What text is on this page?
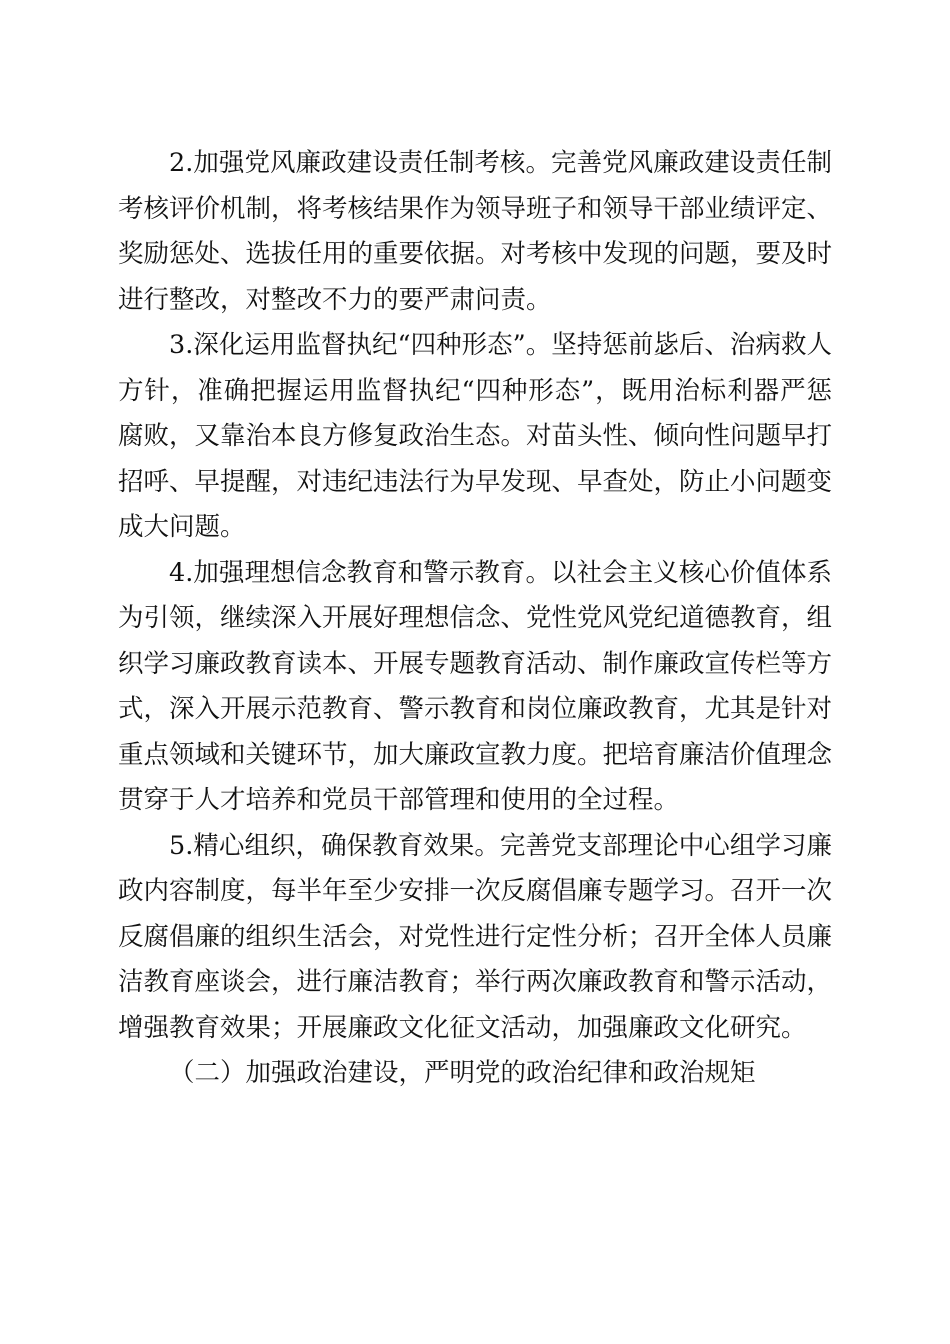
2.加强党风廉政建设责任制考核。完善党风廉政建设责任制考核评价机制，将考核结果作为领导班子和领导干部业绩评定、奖励惩处、选拔任用的重要依据。对考核中发现的问题，要及时进行整改，对整改不力的要严肃问责。

3.深化运用监督执纪“四种形态”。坚持惩前毖后、治病救人方针，准确把握运用监督执纪“四种形态”，既用治标利器严惩腐败，又靠治本良方修复政治生态。对苗头性、倾向性问题早打招呼、早提醒，对违纪违法行为早发现、早查处，防止小问题变成大问题。

4.加强理想信念教育和警示教育。以社会主义核心价值体系为引领，继续深入开展好理想信念、党性党风党纪道德教育，组织学习廉政教育读本、开展专题教育活动、制作廉政宣传栏等方式，深入开展示范教育、警示教育和岗位廉政教育，尤其是针对重点领域和关键环节，加大廉政宣教力度。把培育廉洁价值理念贯穿于人才培养和党员干部管理和使用的全过程。

5.精心组织，确保教育效果。完善党支部理论中心组学习廉政内容制度，每半年至少安排一次反腐倡廉专题学习。召开一次反腐倡廉的组织生活会，对党性进行定性分析；召开全体人员廉洁教育座谈会，进行廉洁教育；举行两次廉政教育和警示活动，增强教育效果；开展廉政文化征文活动，加强廉政文化研究。

（二）加强政治建设，严明党的政治纪律和政治规矩
